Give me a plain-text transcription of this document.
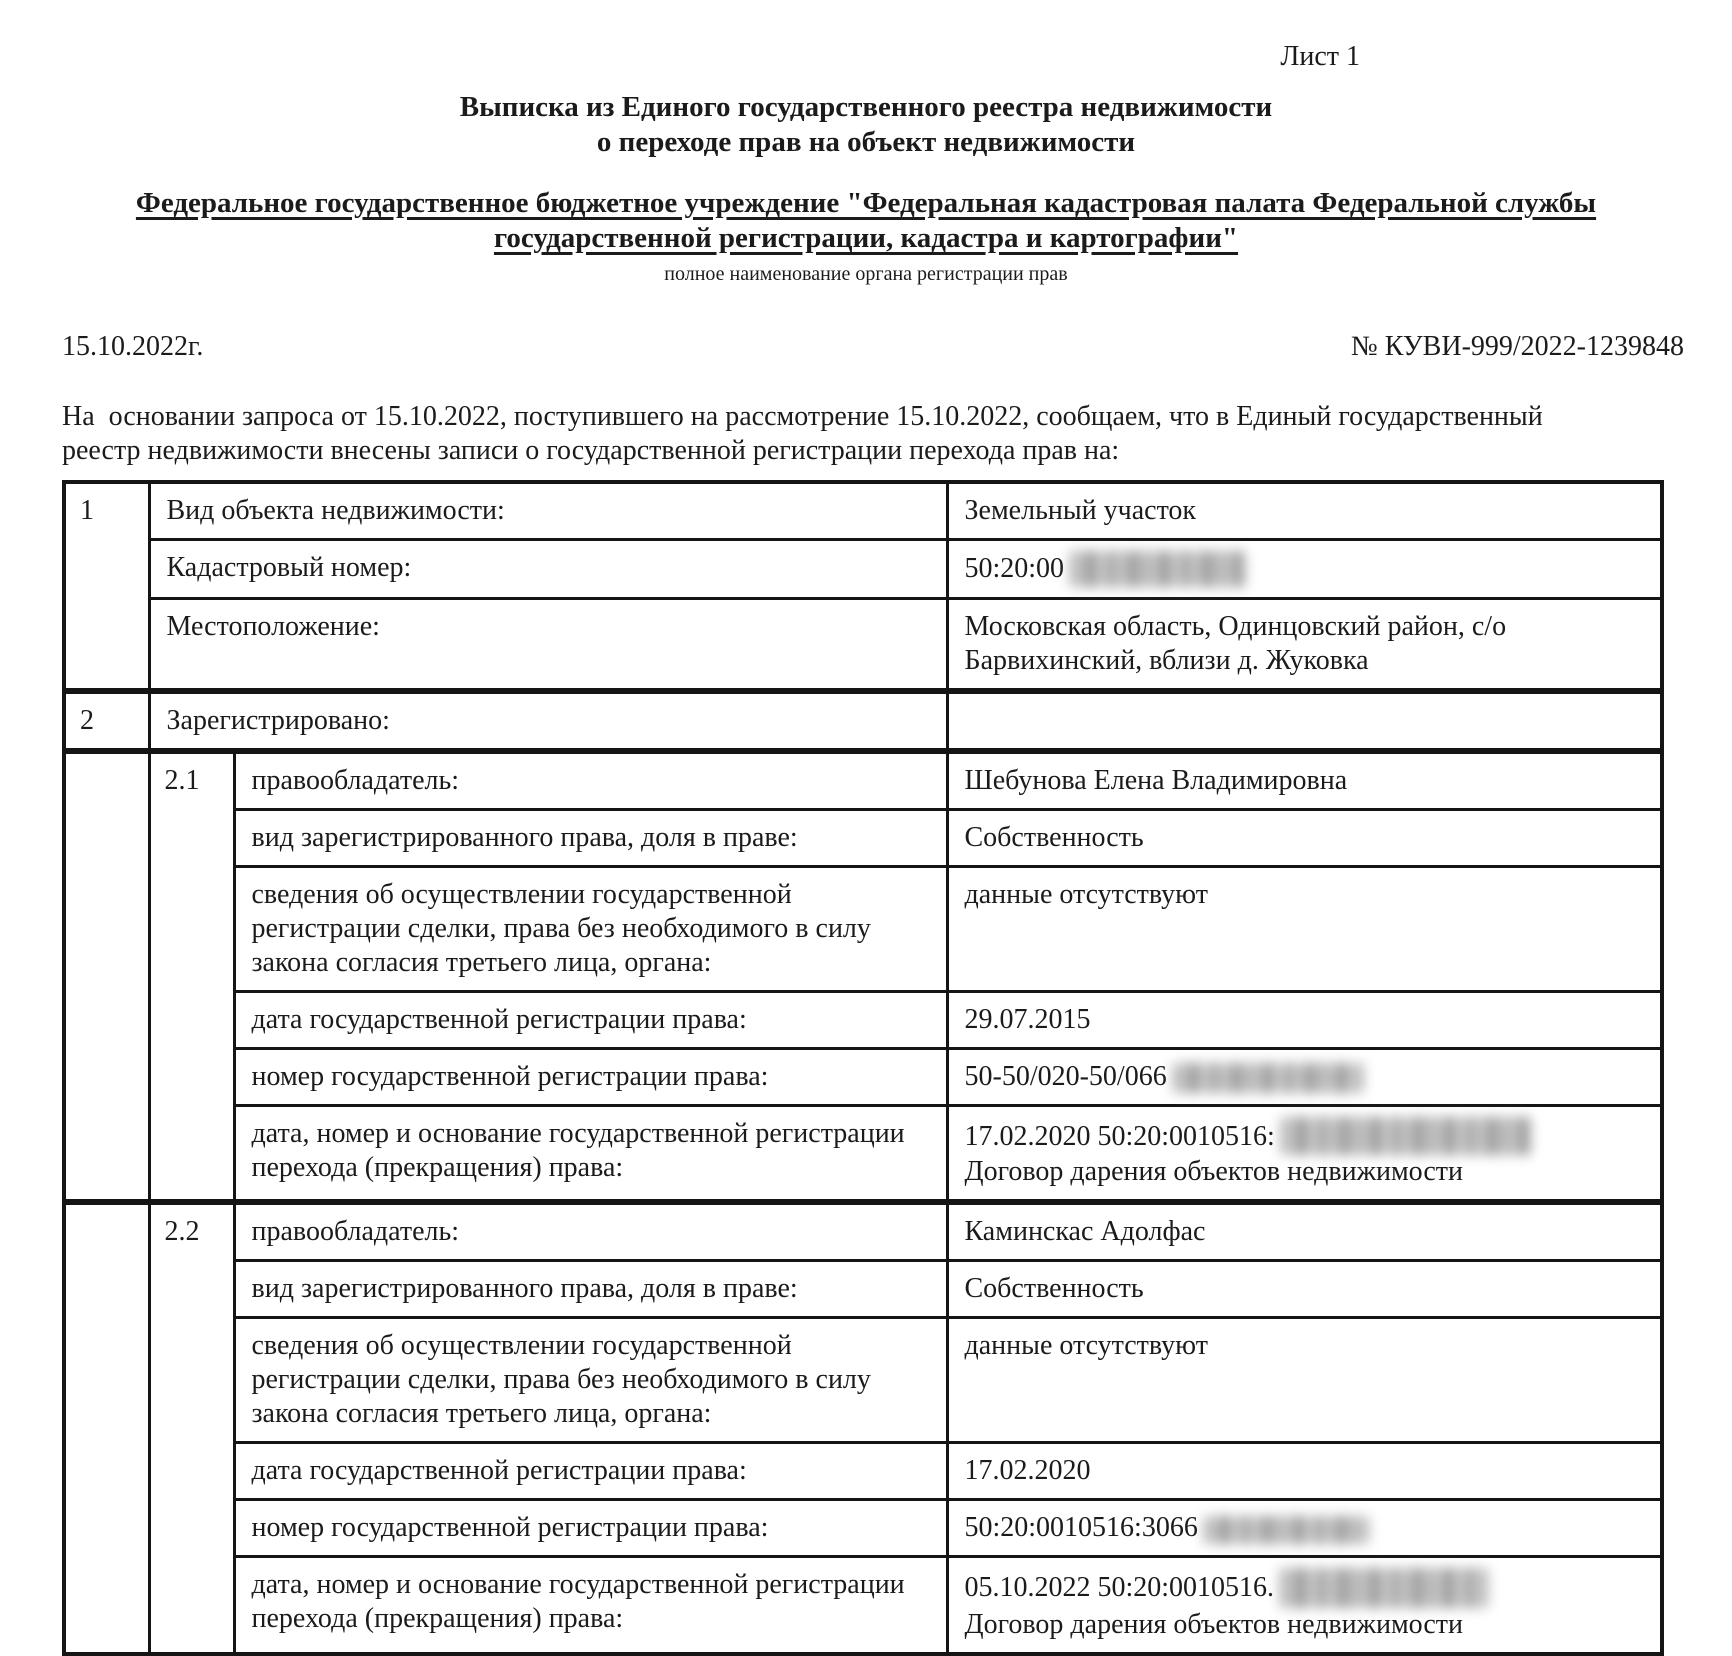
Лист 1
Выписка из Единого государственного реестра недвижимости
о переходе прав на объект недвижимости
Федеральное государственное бюджетное учреждение "Федеральная кадастровая палата Федеральной службы государственной регистрации, кадастра и картографии"
полное наименование органа регистрации прав
15.10.2022г.	№ КУВИ-999/2022-1239848
На  основании запроса от 15.10.2022, поступившего на рассмотрение 15.10.2022, сообщаем, что в Единый государственный реестр недвижимости внесены записи о государственной регистрации перехода прав на:
1	Вид объекта недвижимости:		Земельный участок
	Кадастровый номер:		50:20:00
	Местоположение:		Московская область, Одинцовский район, с/о Барвихинский, вблизи д. Жуковка
2	Зарегистрировано:		
	2.1	правообладатель:	Шебунова Елена Владимировна
		вид зарегистрированного права, доля в праве:	Собственность
		сведения об осуществлении государственной регистрации сделки, права без необходимого в силу закона согласия третьего лица, органа:	данные отсутствуют
		дата государственной регистрации права:	29.07.2015
		номер государственной регистрации права:	50-50/020-50/066
		дата, номер и основание государственной регистрации перехода (прекращения) права:	17.02.2020 50:20:0010516:
Договор дарения объектов недвижимости
	2.2	правообладатель:	Каминскас Адолфас
		вид зарегистрированного права, доля в праве:	Собственность
		сведения об осуществлении государственной регистрации сделки, права без необходимого в силу закона согласия третьего лица, органа:	данные отсутствуют
		дата государственной регистрации права:	17.02.2020
		номер государственной регистрации права:	50:20:0010516:3066
		дата, номер и основание государственной регистрации перехода (прекращения) права:	05.10.2022 50:20:0010516.
Договор дарения объектов недвижимости
